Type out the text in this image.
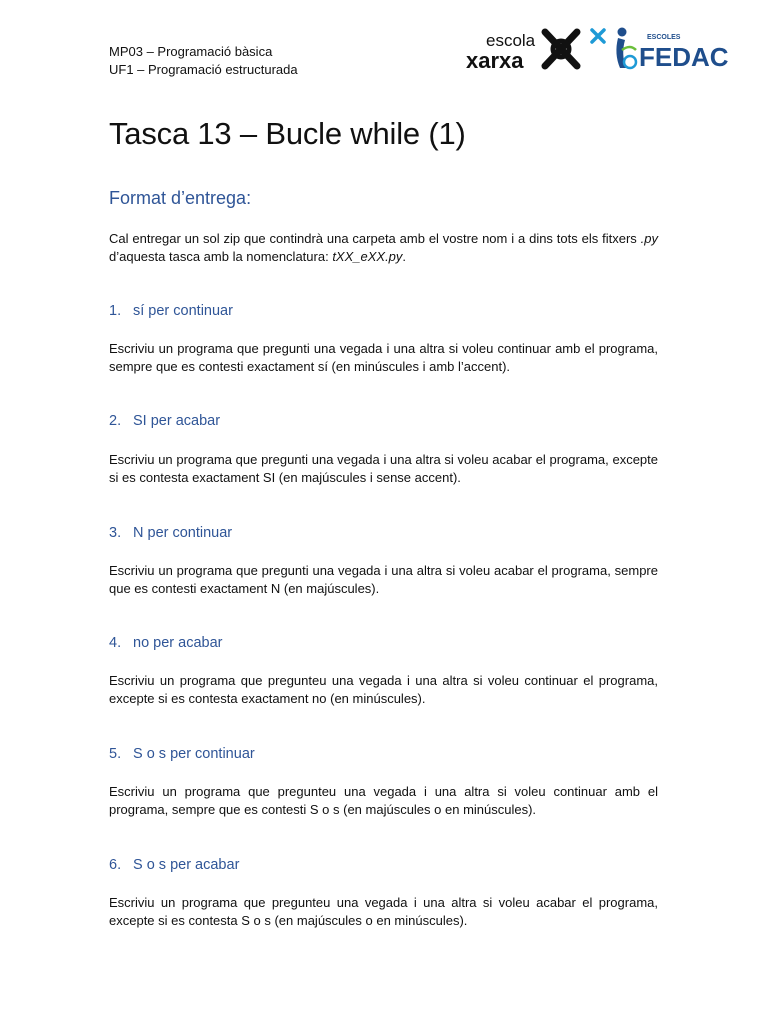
MP03 – Programació bàsica
UF1 – Programació estructurada
escola
xarxa
ESCOLES
FEDAC
Tasca 13 – Bucle while (1)
Format d’entrega:

Cal entregar un sol zip que contindrà una carpeta amb el vostre nom i a dins tots els fitxers .py d’aquesta tasca amb la nomenclatura: tXX_eXX.py.

1. sí per continuar

Escriviu un programa que pregunti una vegada i una altra si voleu continuar amb el programa, sempre que es contesti exactament sí (en minúscules i amb l’accent).

2. SI per acabar

Escriviu un programa que pregunti una vegada i una altra si voleu acabar el programa, excepte si es contesta exactament SI (en majúscules i sense accent).

3. N per continuar

Escriviu un programa que pregunti una vegada i una altra si voleu acabar el programa, sempre que es contesti exactament N (en majúscules).

4. no per acabar

Escriviu un programa que pregunteu una vegada i una altra si voleu continuar el programa, excepte si es contesta exactament no (en minúscules).

5. S o s per continuar

Escriviu un programa que pregunteu una vegada i una altra si voleu continuar amb el programa, sempre que es contesti S o s (en majúscules o en minúscules).

6. S o s per acabar

Escriviu un programa que pregunteu una vegada i una altra si voleu acabar el programa, excepte si es contesta S o s (en majúscules o en minúscules).
